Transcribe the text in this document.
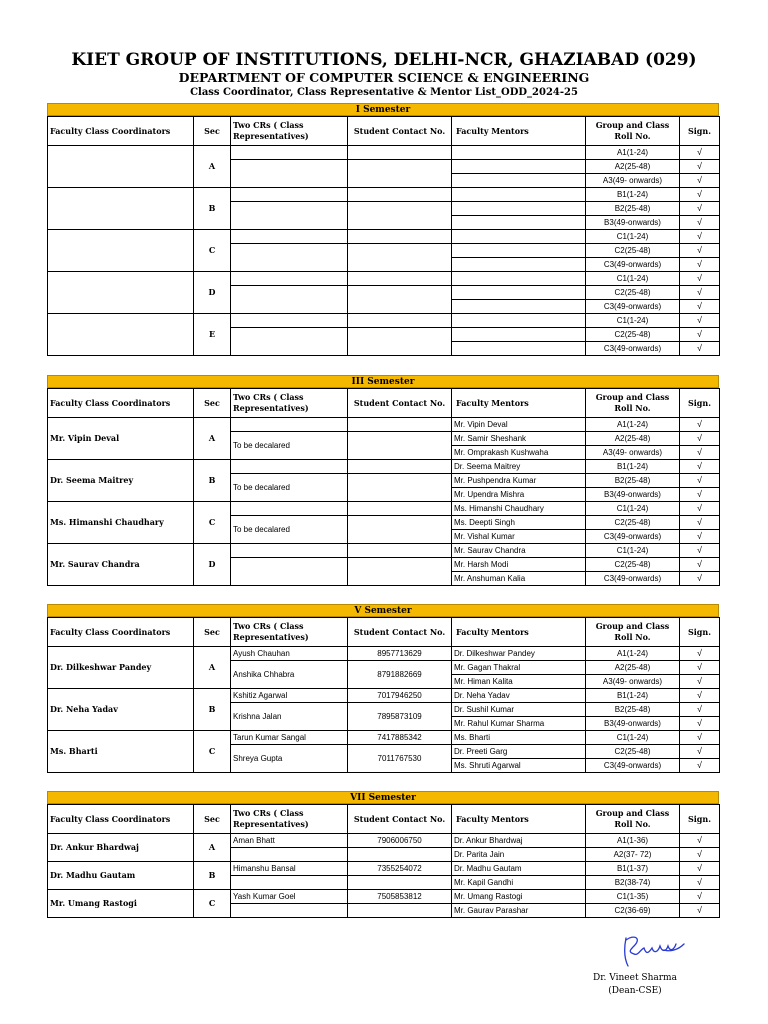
KIET GROUP OF INSTITUTIONS, DELHI-NCR, GHAZIABAD (029)
DEPARTMENT OF COMPUTER SCIENCE & ENGINEERING
Class Coordinator, Class Representative & Mentor List_ODD_2024-25
I Semester
Faculty Class Coordinators	Sec	Two CRs ( Class Representatives)	Student Contact No.	Faculty Mentors	Group and Class Roll No.	Sign.
	A				A1(1-24)	√
					A2(25-48)	√
					A3(49- onwards)	√
	B				B1(1-24)	√
					B2(25-48)	√
					B3(49-onwards)	√
	C				C1(1-24)	√
					C2(25-48)	√
					C3(49-onwards)	√
	D				C1(1-24)	√
					C2(25-48)	√
					C3(49-onwards)	√
	E				C1(1-24)	√
					C2(25-48)	√
					C3(49-onwards)	√
III Semester
Faculty Class Coordinators	Sec	Two CRs ( Class Representatives)	Student Contact No.	Faculty Mentors	Group and Class Roll No.	Sign.
Mr. Vipin Deval	A			Mr. Vipin Deval	A1(1-24)	√
		To be decalared		Mr. Samir Sheshank	A2(25-48)	√
				Mr. Omprakash Kushwaha	A3(49- onwards)	√
Dr. Seema Maitrey	B			Dr. Seema Maitrey	B1(1-24)	√
		To be decalared		Mr. Pushpendra Kumar	B2(25-48)	√
				Mr. Upendra Mishra	B3(49-onwards)	√
Ms. Himanshi Chaudhary	C			Ms. Himanshi Chaudhary	C1(1-24)	√
		To be decalared		Ms. Deepti Singh	C2(25-48)	√
				Mr. Vishal Kumar	C3(49-onwards)	√
Mr. Saurav Chandra	D			Mr. Saurav Chandra	C1(1-24)	√
				Mr. Harsh Modi	C2(25-48)	√
				Mr. Anshuman Kalia	C3(49-onwards)	√
V Semester
Faculty Class Coordinators	Sec	Two CRs ( Class Representatives)	Student Contact No.	Faculty Mentors	Group and Class Roll No.	Sign.
Dr. Dilkeshwar Pandey	A	Ayush Chauhan	8957713629	Dr. Dilkeshwar Pandey	A1(1-24)	√
		Anshika Chhabra	8791882669	Mr. Gagan Thakral	A2(25-48)	√
				Mr. Himan Kalita	A3(49- onwards)	√
Dr. Neha Yadav	B	Kshitiz Agarwal	7017946250	Dr. Neha Yadav	B1(1-24)	√
		Krishna Jalan	7895873109	Dr. Sushil Kumar	B2(25-48)	√
				Mr. Rahul Kumar Sharma	B3(49-onwards)	√
Ms. Bharti	C	Tarun Kumar Sangal	7417885342	Ms. Bharti	C1(1-24)	√
		Shreya Gupta	7011767530	Dr. Preeti Garg	C2(25-48)	√
				Ms. Shruti Agarwal	C3(49-onwards)	√
VII Semester
Faculty Class Coordinators	Sec	Two CRs ( Class Representatives)	Student Contact No.	Faculty Mentors	Group and Class Roll No.	Sign.
Dr. Ankur Bhardwaj	A	Aman Bhatt	7906006750	Dr. Ankur Bhardwaj	A1(1-36)	√
				Dr. Parita Jain	A2(37- 72)	√
Dr. Madhu Gautam	B	Himanshu Bansal	7355254072	Dr. Madhu Gautam	B1(1-37)	√
				Mr. Kapil Gandhi	B2(38-74)	√
Mr. Umang Rastogi	C	Yash Kumar Goel	7505853812	Mr. Umang Rastogi	C1(1-35)	√
				Mr. Gaurav Parashar	C2(36-69)	√
Dr. Vineet Sharma
(Dean-CSE)
